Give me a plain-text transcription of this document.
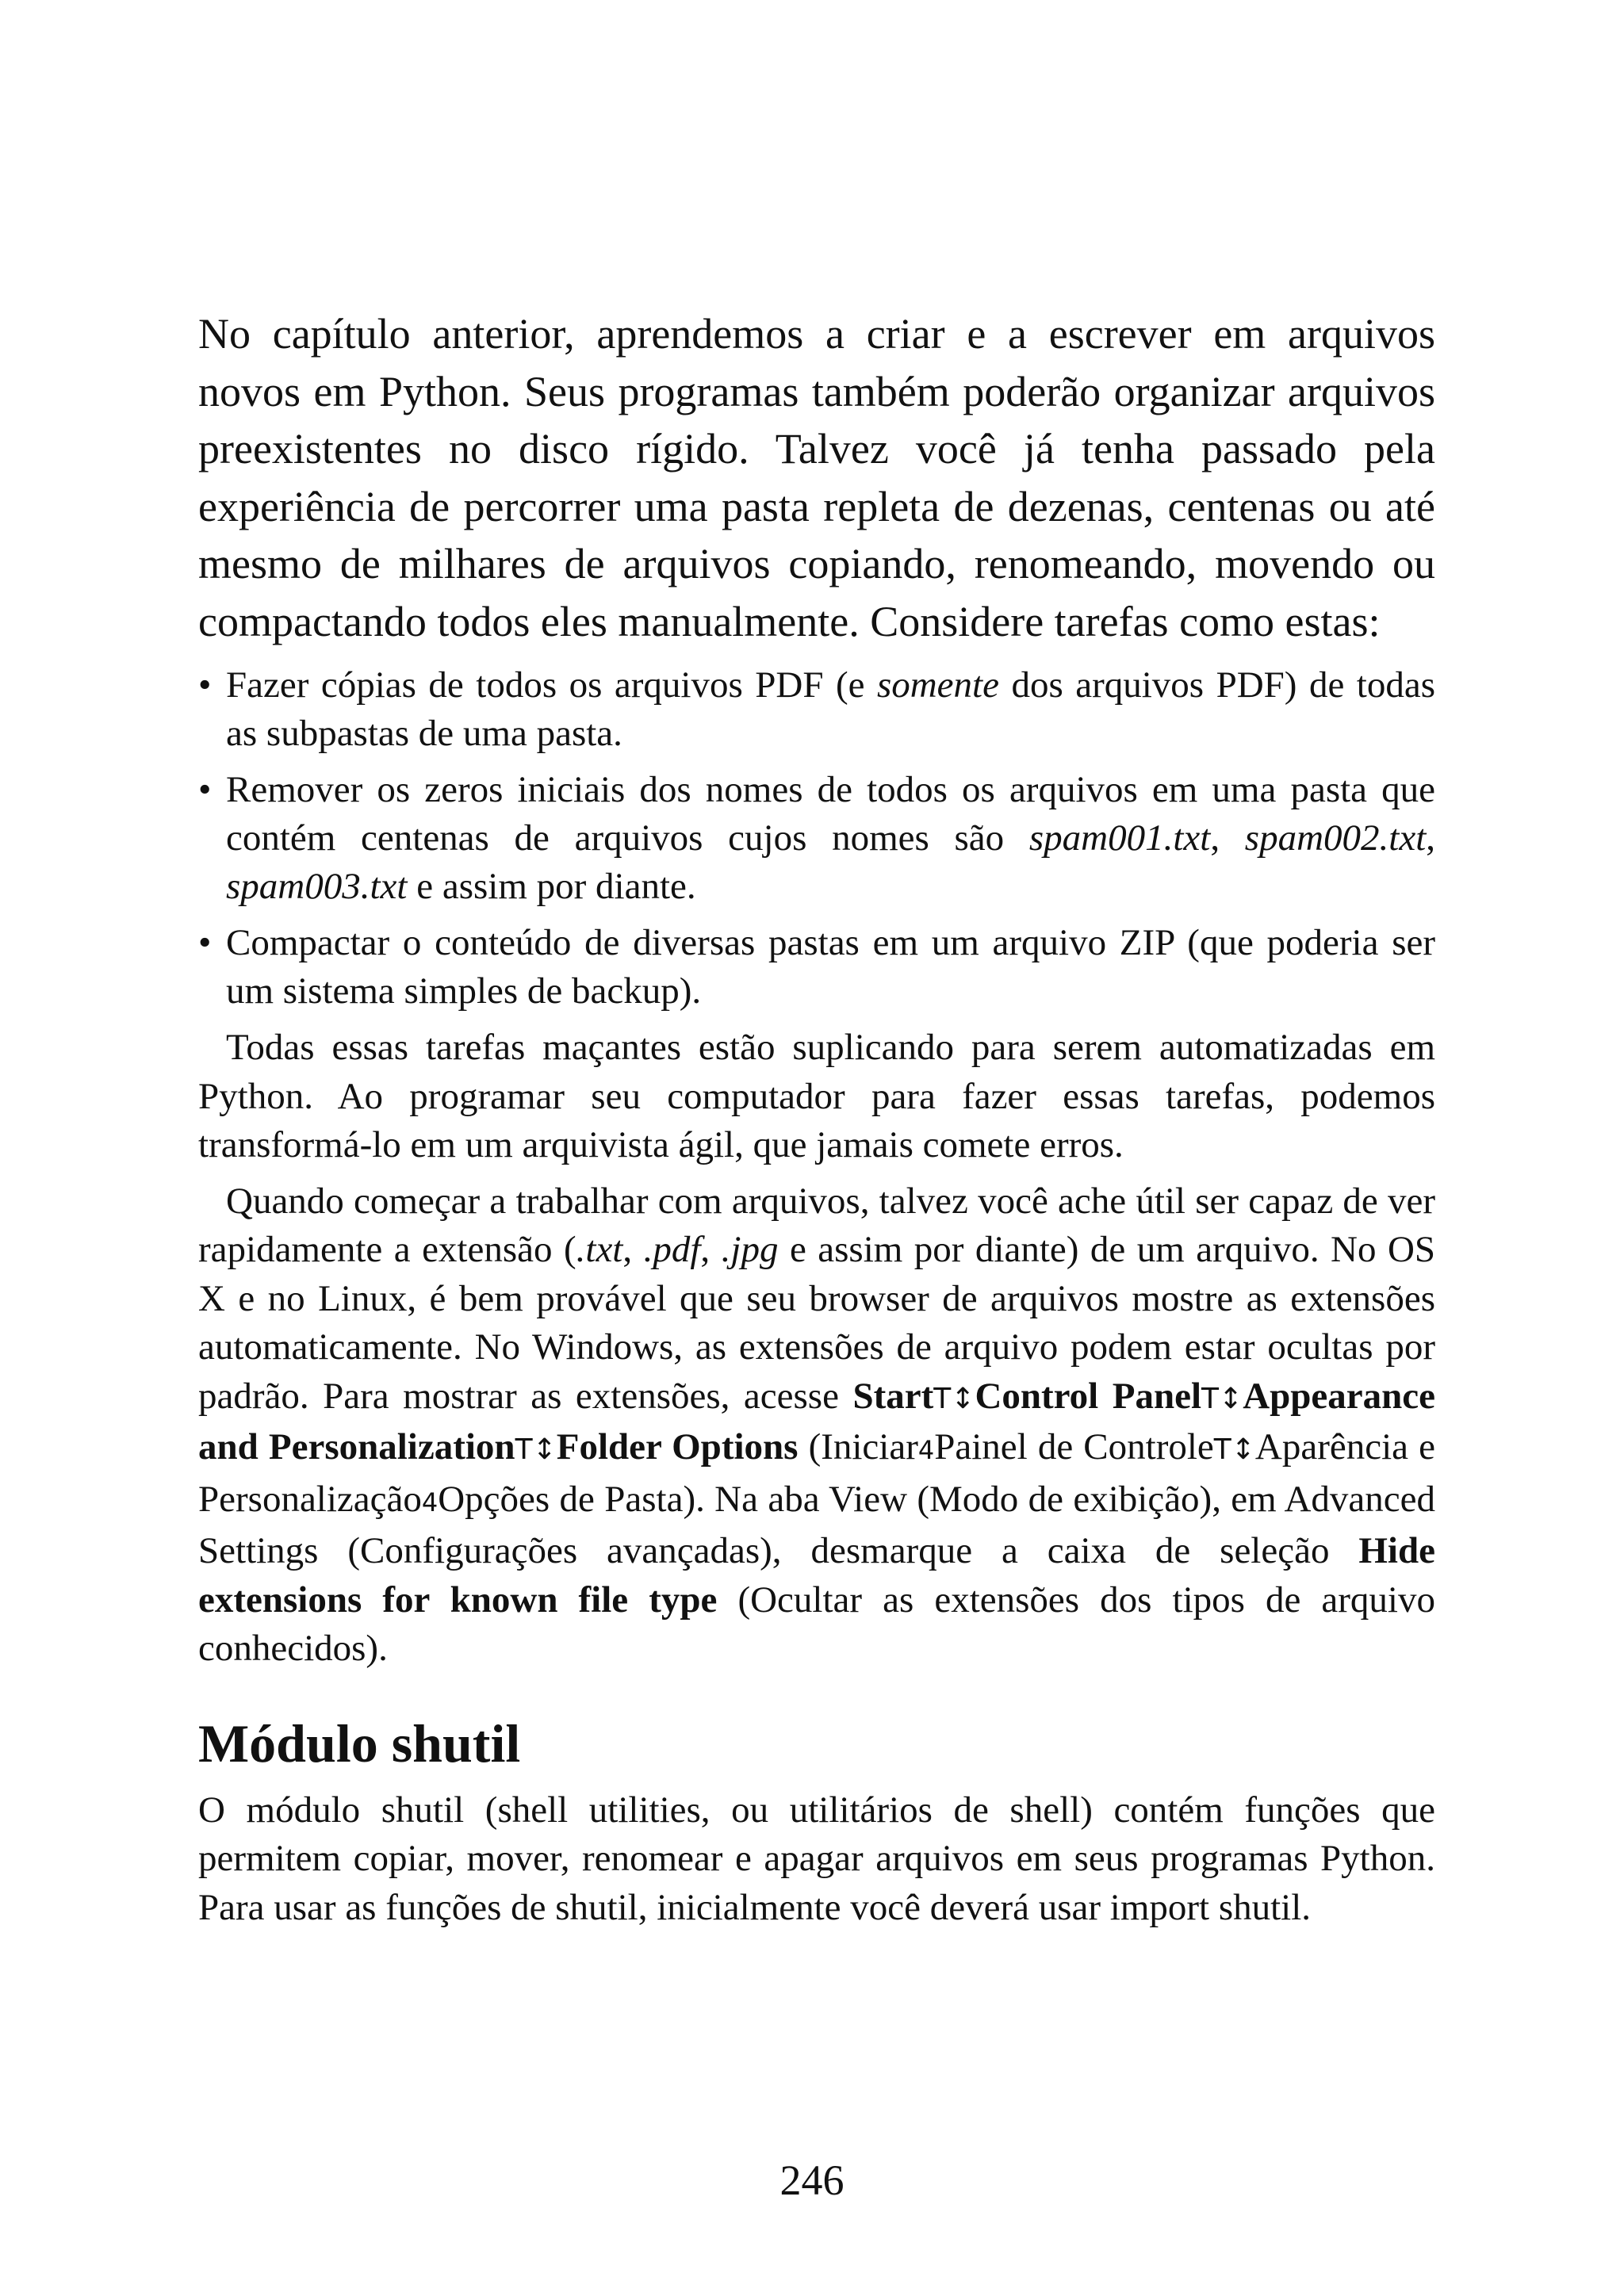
No capítulo anterior, aprendemos a criar e a escrever em arquivos novos em Python. Seus programas também poderão organizar arquivos preexistentes no disco rígido. Talvez você já tenha passado pela experiência de percorrer uma pasta repleta de dezenas, centenas ou até mesmo de milhares de arquivos copiando, renomeando, movendo ou compactando todos eles manualmente. Considere tarefas como estas:

• Fazer cópias de todos os arquivos PDF (e somente dos arquivos PDF) de todas as subpastas de uma pasta.
• Remover os zeros iniciais dos nomes de todos os arquivos em uma pasta que contém centenas de arquivos cujos nomes são spam001.txt, spam002.txt, spam003.txt e assim por diante.
• Compactar o conteúdo de diversas pastas em um arquivo ZIP (que poderia ser um sistema simples de backup).

Todas essas tarefas maçantes estão suplicando para serem automatizadas em Python. Ao programar seu computador para fazer essas tarefas, podemos transformá-lo em um arquivista ágil, que jamais comete erros.

Quando começar a trabalhar com arquivos, talvez você ache útil ser capaz de ver rapidamente a extensão (.txt, .pdf, .jpg e assim por diante) de um arquivo. No OS X e no Linux, é bem provável que seu browser de arquivos mostre as extensões automaticamente. No Windows, as extensões de arquivo podem estar ocultas por padrão. Para mostrar as extensões, acesse StartT↕Control PanelT↕Appearance and PersonalizationT↕Folder Options (Iniciar4Painel de ControleT↕Aparência e Personalização4Opções de Pasta). Na aba View (Modo de exibição), em Advanced Settings (Configurações avançadas), desmarque a caixa de seleção Hide extensions for known file type (Ocultar as extensões dos tipos de arquivo conhecidos).

Módulo shutil

O módulo shutil (shell utilities, ou utilitários de shell) contém funções que permitem copiar, mover, renomear e apagar arquivos em seus programas Python. Para usar as funções de shutil, inicialmente você deverá usar import shutil.

246
